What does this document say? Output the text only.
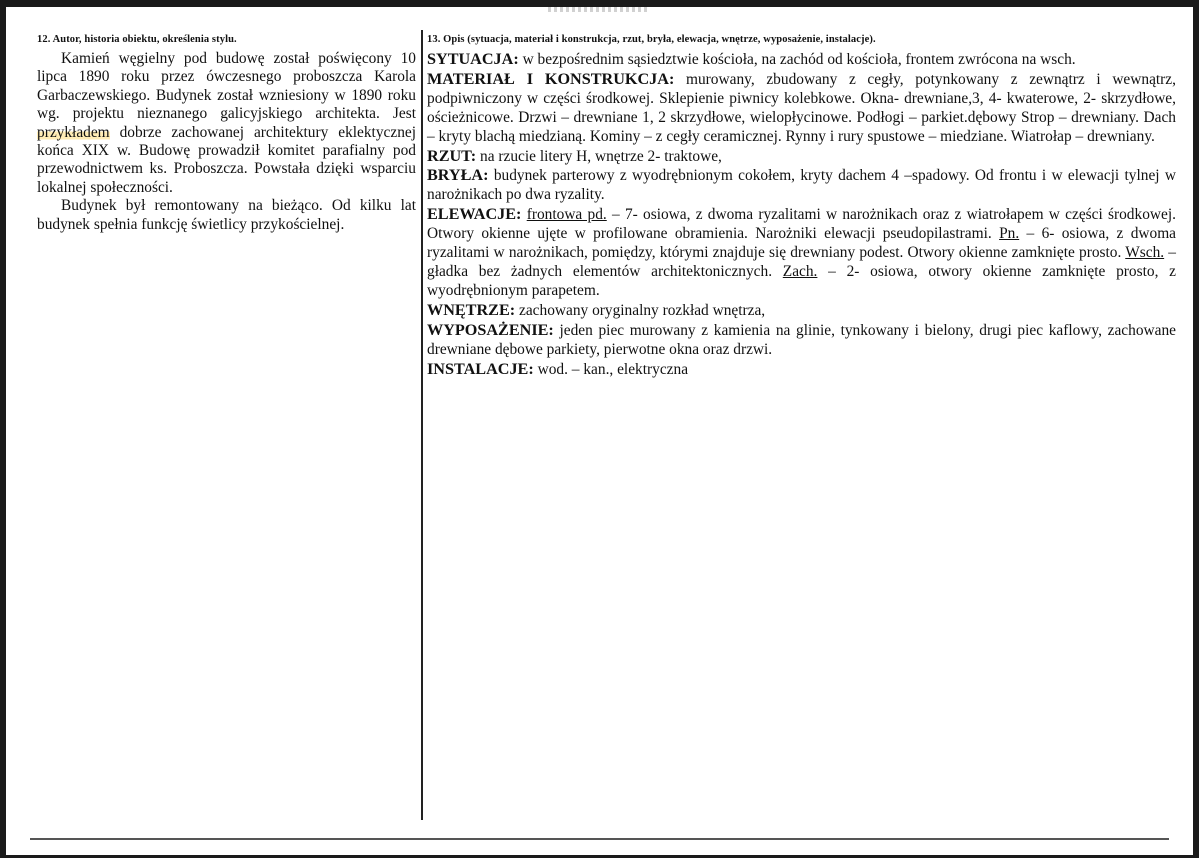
12. Autor, historia obiektu, określenia stylu.

Kamień węgielny pod budowę został poświęcony 10 lipca 1890 roku przez ówczesnego proboszcza Karola Garbaczewskiego. Budynek został wzniesiony w 1890 roku wg. projektu nieznanego galicyjskiego architekta. Jest przykładem dobrze zachowanej architektury eklektycznej końca XIX w. Budowę prowadził komitet parafialny pod przewodnictwem ks. Proboszcza. Powstała dzięki wsparciu lokalnej społeczności.

Budynek był remontowany na bieżąco. Od kilku lat budynek spełnia funkcję świetlicy przykościelnej.

13. Opis (sytuacja, materiał i konstrukcja, rzut, bryła, elewacja, wnętrze, wyposażenie, instalacje).

SYTUACJA: w bezpośrednim sąsiedztwie kościoła, na zachód od kościoła, frontem zwrócona na wsch.

MATERIAŁ I KONSTRUKCJA: murowany, zbudowany z cegły, potynkowany z zewnątrz i wewnątrz, podpiwniczony w części środkowej. Sklepienie piwnicy kolebkowe. Okna- drewniane,3, 4- kwaterowe, 2- skrzydłowe, ościeżnicowe. Drzwi – drewniane 1, 2 skrzydłowe, wielopłycinowe. Podłogi – parkiet.dębowy Strop – drewniany. Dach – kryty blachą miedzianą. Kominy – z cegły ceramicznej. Rynny i rury spustowe – miedziane. Wiatrołap – drewniany.

RZUT: na rzucie litery H, wnętrze 2- traktowe,

BRYŁA: budynek parterowy z wyodrębnionym cokołem, kryty dachem 4 –spadowy. Od frontu i w elewacji tylnej w narożnikach po dwa ryzality.

ELEWACJE: frontowa pd. – 7- osiowa, z dwoma ryzalitami w narożnikach oraz z wiatrołapem w części środkowej. Otwory okienne ujęte w profilowane obramienia. Narożniki elewacji pseudopilastrami. Pn. – 6- osiowa, z dwoma ryzalitami w narożnikach, pomiędzy, którymi znajduje się drewniany podest. Otwory okienne zamknięte prosto. Wsch. – gładka bez żadnych elementów architektonicznych. Zach. – 2- osiowa, otwory okienne zamknięte prosto, z wyodrębnionym parapetem.

WNĘTRZE: zachowany oryginalny rozkład wnętrza,

WYPOSAŻENIE: jeden piec murowany z kamienia na glinie, tynkowany i bielony, drugi piec kaflowy, zachowane drewniane dębowe parkiety, pierwotne okna oraz drzwi.

INSTALACJE: wod. – kan., elektryczna
